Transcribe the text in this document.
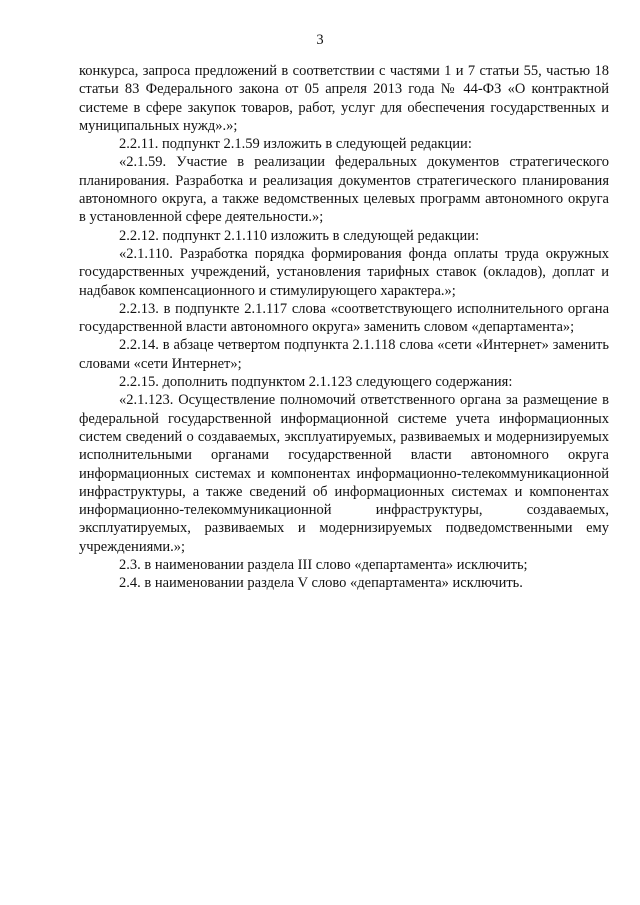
3

конкурса, запроса предложений в соответствии с частями 1 и 7 статьи 55, частью 18 статьи 83 Федерального закона от 05 апреля 2013 года № 44-ФЗ «О контрактной системе в сфере закупок товаров, работ, услуг для обеспечения государственных и муниципальных нужд».»;

2.2.11. подпункт 2.1.59 изложить в следующей редакции:

«2.1.59. Участие в реализации федеральных документов стратегического планирования. Разработка и реализация документов стратегического планирования автономного округа, а также ведомственных целевых программ автономного округа в установленной сфере деятельности.»;

2.2.12. подпункт 2.1.110 изложить в следующей редакции:

«2.1.110. Разработка порядка формирования фонда оплаты труда окружных государственных учреждений, установления тарифных ставок (окладов), доплат и надбавок компенсационного и стимулирующего характера.»;

2.2.13. в подпункте 2.1.117 слова «соответствующего исполнительного органа государственной власти автономного округа» заменить словом «департамента»;

2.2.14. в абзаце четвертом подпункта 2.1.118 слова «сети «Интернет» заменить словами «сети Интернет»;

2.2.15. дополнить подпунктом 2.1.123 следующего содержания:

«2.1.123. Осуществление полномочий ответственного органа за размещение в федеральной государственной информационной системе учета информационных систем сведений о создаваемых, эксплуатируемых, развиваемых и модернизируемых исполнительными органами государственной власти автономного округа информационных системах и компонентах информационно-телекоммуникационной инфраструктуры, а также сведений об информационных системах и компонентах информационно-телекоммуникационной инфраструктуры, создаваемых, эксплуатируемых, развиваемых и модернизируемых подведомственными ему учреждениями.»;

2.3. в наименовании раздела III слово «департамента» исключить;

2.4. в наименовании раздела V слово «департамента» исключить.
